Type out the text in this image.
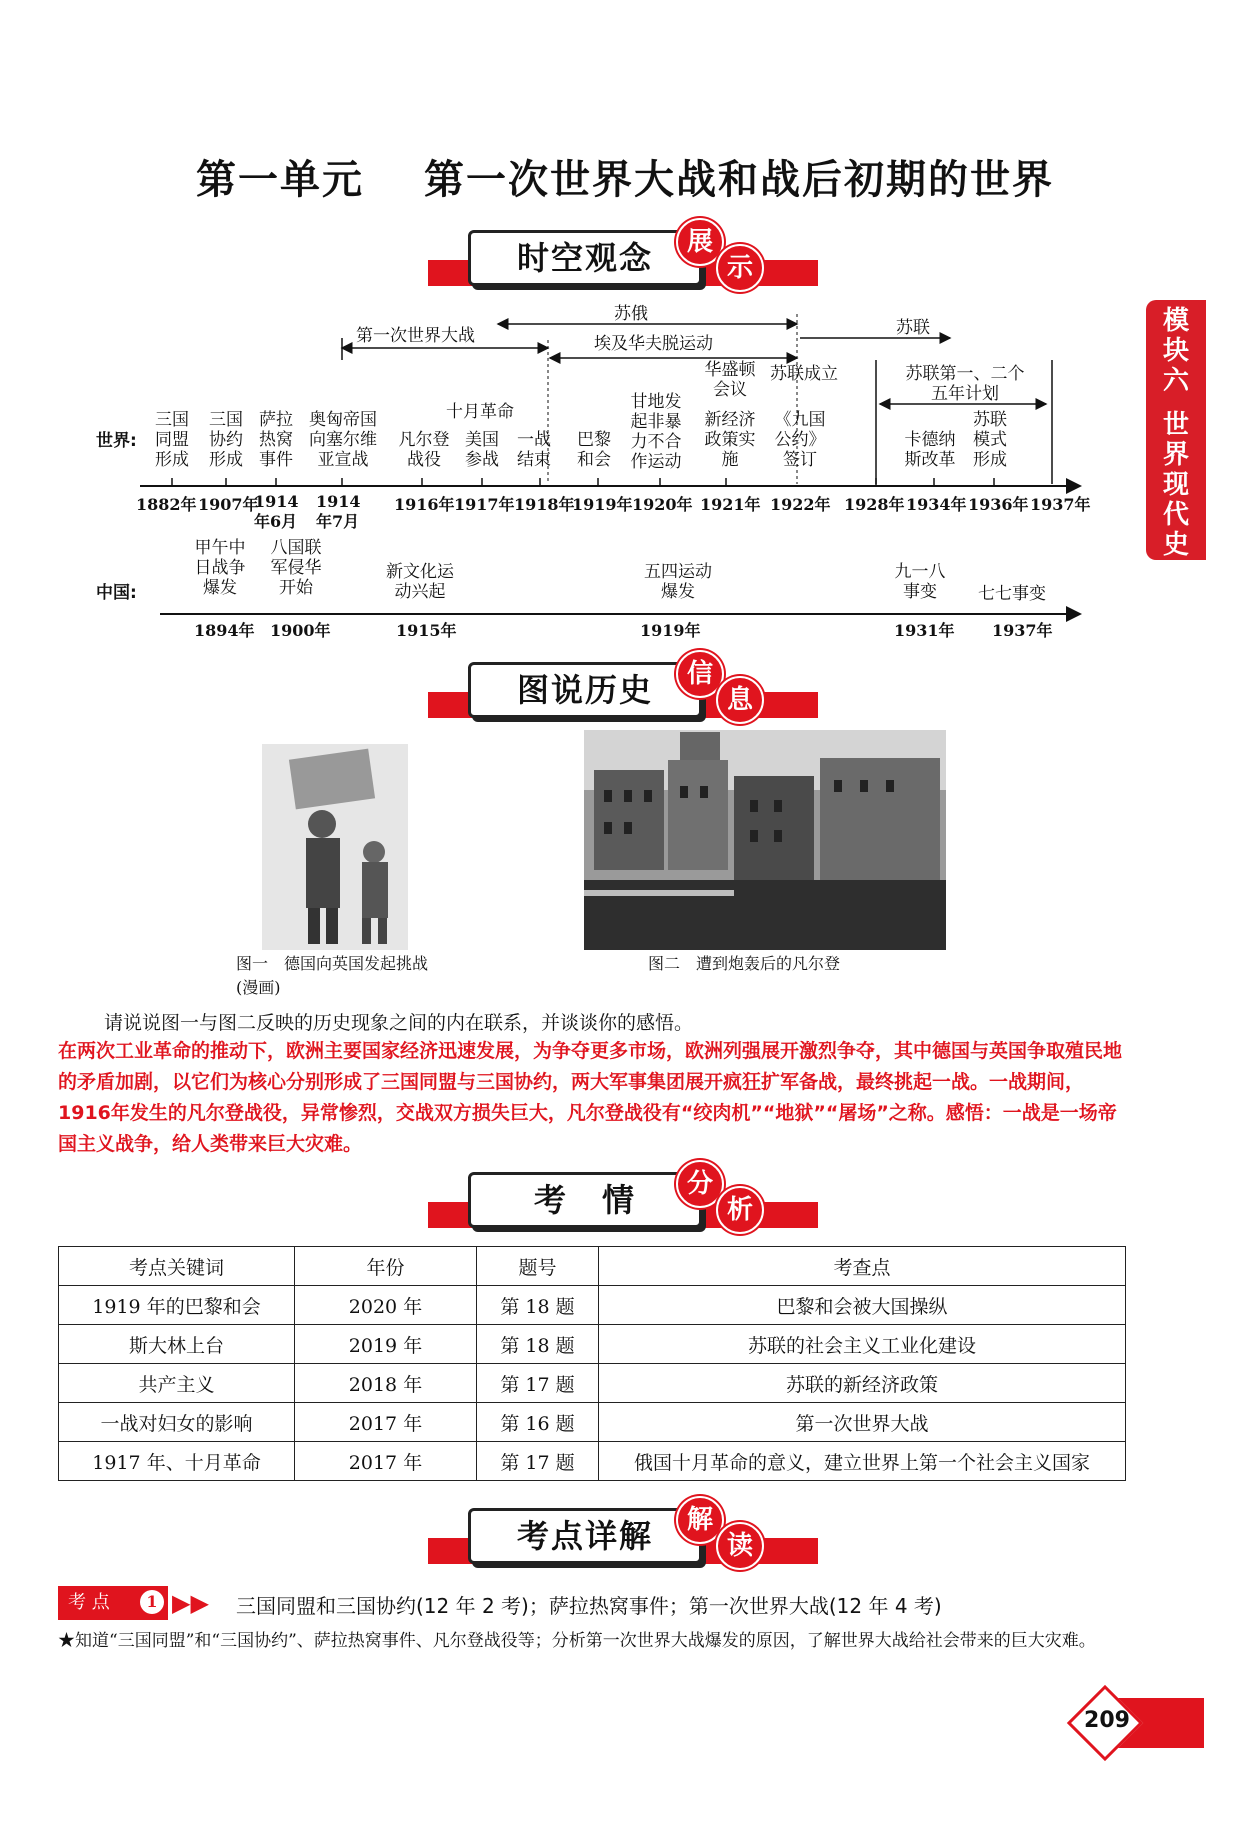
第一单元 第一次世界大战和战后初期的世界
模
块
六
世
界
现
代
史
时空观念	展
示
第一次世界大战
苏俄
埃及华夫脱运动
苏联
苏联第一、二个五年计划
世界:
三国同盟形成
三国协约形成
萨拉热窝事件
奥匈帝国向塞尔维亚宣战
凡尔登战役
十月革命
美国参战
一战结束
巴黎和会
甘地发起非暴力不合作运动
华盛顿会议
新经济政策实施
《九国公约》签订
苏联成立
卡德纳斯改革
苏联模式形成
1882年 1907年
1914年6月
1914年7月
1916年 1917年 1918年
1919年 1920年 1921年 1922年 1928年 1934年 1936年 1937年
中国:
甲午中日战争爆发
八国联军侵华开始
新文化运动兴起
五四运动爆发
九一八事变	七七事变
1894年 1900年	1915年	1919年	1931年 1937年
图说历史	信
息
图一　德国向英国发起挑战(漫画)
图二　遭到炮轰后的凡尔登
请说说图一与图二反映的历史现象之间的内在联系，并谈谈你的感悟。
在两次工业革命的推动下，欧洲主要国家经济迅速发展，为争夺更多市场，欧洲列强展开激烈争夺，其中德国与英国争取殖民地的矛盾加剧，以它们为核心分别形成了三国同盟与三国协约，两大军事集团展开疯狂扩军备战，最终挑起一战。一战期间，1916年发生的凡尔登战役，异常惨烈，交战双方损失巨大，凡尔登战役有“绞肉机”“地狱”“屠场”之称。感悟：一战是一场帝国主义战争，给人类带来巨大灾难。
考　情	分
析
考点关键词	年份	题号	考查点
1919 年的巴黎和会	2020 年	第 18 题	巴黎和会被大国操纵
斯大林上台	2019 年	第 18 题	苏联的社会主义工业化建设
共产主义	2018 年	第 17 题	苏联的新经济政策
一战对妇女的影响	2017 年	第 16 题	第一次世界大战
1917 年、十月革命	2017 年	第 17 题	俄国十月革命的意义，建立世界上第一个社会主义国家
考点详解	解
读
考 点	1 ▶▶ 三国同盟和三国协约(12 年 2 考)；萨拉热窝事件；第一次世界大战(12 年 4 考)
★知道“三国同盟”和“三国协约”、萨拉热窝事件、凡尔登战役等；分析第一次世界大战爆发的原因，了解世界大战给社会带来的巨大灾难。
209
